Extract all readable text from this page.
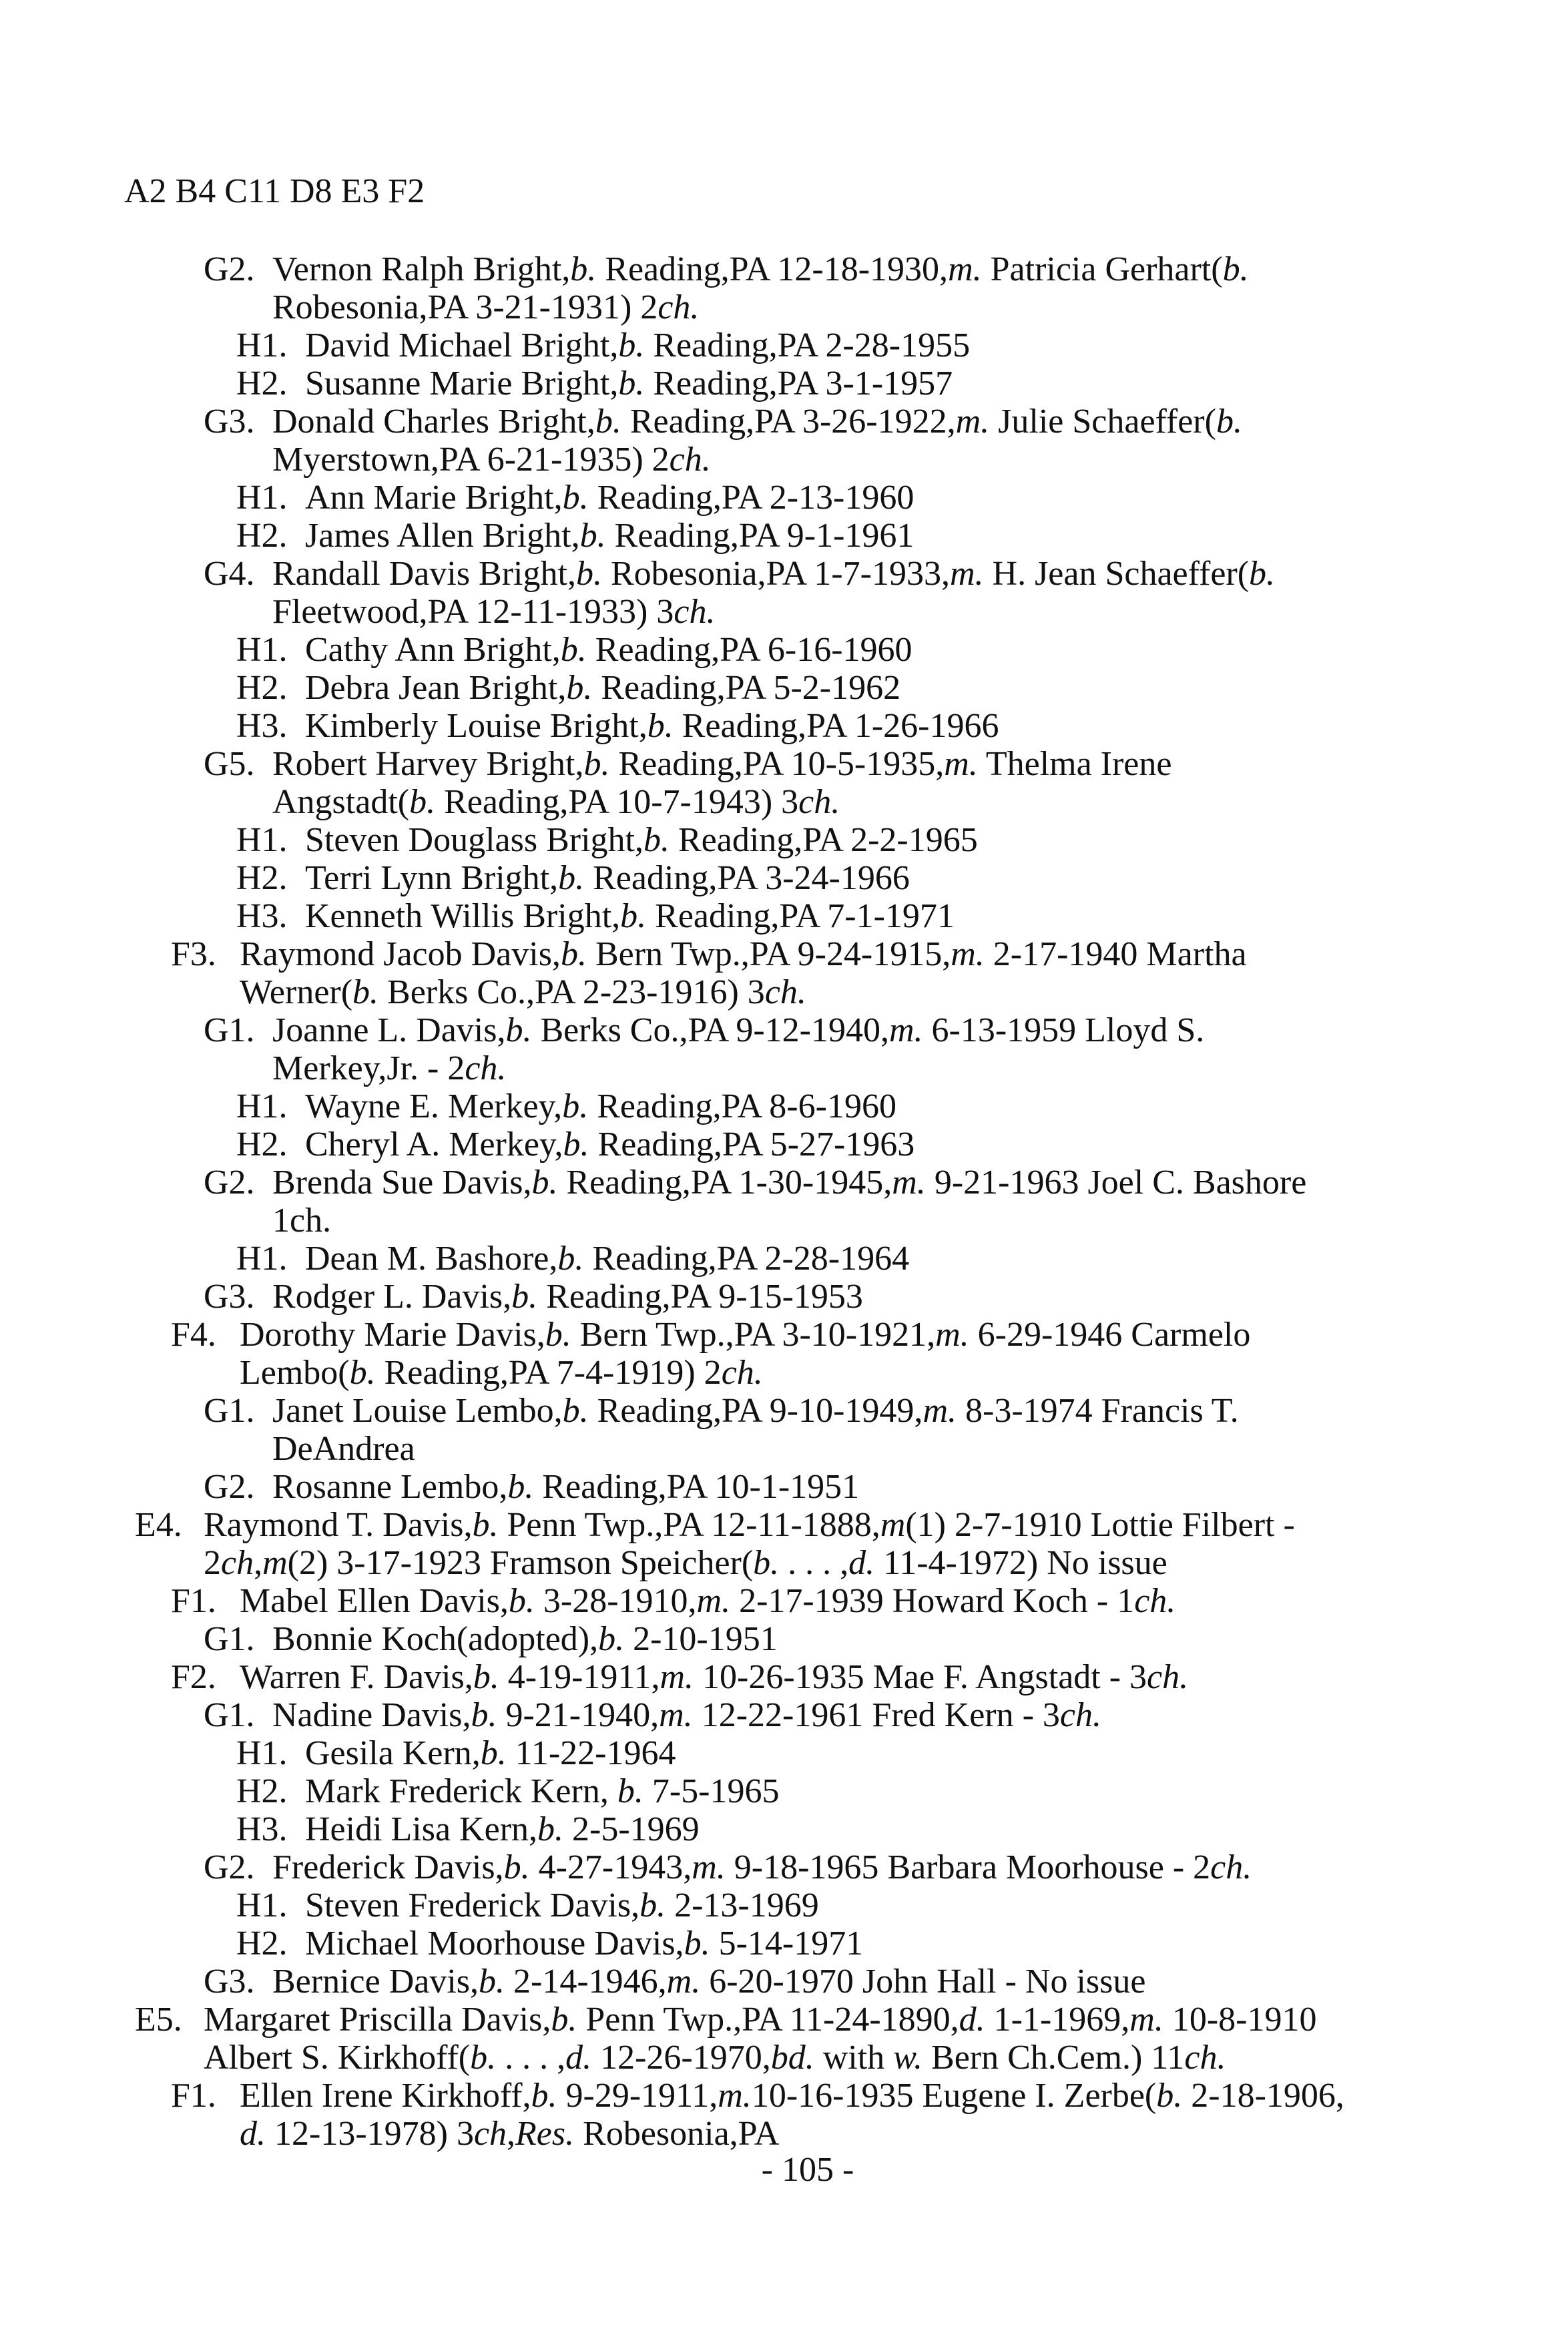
A2 B4 C11 D8 E3 F2
G2. Vernon Ralph Bright,b. Reading,PA 12-18-1930,m. Patricia Gerhart(b.
Robesonia,PA 3-21-1931) 2ch.
H1. David Michael Bright,b. Reading,PA 2-28-1955
H2. Susanne Marie Bright,b. Reading,PA 3-1-1957
G3. Donald Charles Bright,b. Reading,PA 3-26-1922,m. Julie Schaeffer(b.
Myerstown,PA 6-21-1935) 2ch.
H1. Ann Marie Bright,b. Reading,PA 2-13-1960
H2. James Allen Bright,b. Reading,PA 9-1-1961
G4. Randall Davis Bright,b. Robesonia,PA 1-7-1933,m. H. Jean Schaeffer(b.
Fleetwood,PA 12-11-1933) 3ch.
H1. Cathy Ann Bright,b. Reading,PA 6-16-1960
H2. Debra Jean Bright,b. Reading,PA 5-2-1962
H3. Kimberly Louise Bright,b. Reading,PA 1-26-1966
G5. Robert Harvey Bright,b. Reading,PA 10-5-1935,m. Thelma Irene
Angstadt(b. Reading,PA 10-7-1943) 3ch.
H1. Steven Douglass Bright,b. Reading,PA 2-2-1965
H2. Terri Lynn Bright,b. Reading,PA 3-24-1966
H3. Kenneth Willis Bright,b. Reading,PA 7-1-1971
F3. Raymond Jacob Davis,b. Bern Twp.,PA 9-24-1915,m. 2-17-1940 Martha
Werner(b. Berks Co.,PA 2-23-1916) 3ch.
G1. Joanne L. Davis,b. Berks Co.,PA 9-12-1940,m. 6-13-1959 Lloyd S.
Merkey,Jr. - 2ch.
H1. Wayne E. Merkey,b. Reading,PA 8-6-1960
H2. Cheryl A. Merkey,b. Reading,PA 5-27-1963
G2. Brenda Sue Davis,b. Reading,PA 1-30-1945,m. 9-21-1963 Joel C. Bashore
1ch.
H1. Dean M. Bashore,b. Reading,PA 2-28-1964
G3. Rodger L. Davis,b. Reading,PA 9-15-1953
F4. Dorothy Marie Davis,b. Bern Twp.,PA 3-10-1921,m. 6-29-1946 Carmelo
Lembo(b. Reading,PA 7-4-1919) 2ch.
G1. Janet Louise Lembo,b. Reading,PA 9-10-1949,m. 8-3-1974 Francis T.
DeAndrea
G2. Rosanne Lembo,b. Reading,PA 10-1-1951
E4. Raymond T. Davis,b. Penn Twp.,PA 12-11-1888,m(1) 2-7-1910 Lottie Filbert -
2ch,m(2) 3-17-1923 Framson Speicher(b. . . . ,d. 11-4-1972) No issue
F1. Mabel Ellen Davis,b. 3-28-1910,m. 2-17-1939 Howard Koch - 1ch.
G1. Bonnie Koch(adopted),b. 2-10-1951
F2. Warren F. Davis,b. 4-19-1911,m. 10-26-1935 Mae F. Angstadt - 3ch.
G1. Nadine Davis,b. 9-21-1940,m. 12-22-1961 Fred Kern - 3ch.
H1. Gesila Kern,b. 11-22-1964
H2. Mark Frederick Kern, b. 7-5-1965
H3. Heidi Lisa Kern,b. 2-5-1969
G2. Frederick Davis,b. 4-27-1943,m. 9-18-1965 Barbara Moorhouse - 2ch.
H1. Steven Frederick Davis,b. 2-13-1969
H2. Michael Moorhouse Davis,b. 5-14-1971
G3. Bernice Davis,b. 2-14-1946,m. 6-20-1970 John Hall - No issue
E5. Margaret Priscilla Davis,b. Penn Twp.,PA 11-24-1890,d. 1-1-1969,m. 10-8-1910
Albert S. Kirkhoff(b. . . . ,d. 12-26-1970,bd. with w. Bern Ch.Cem.) 11ch.
F1. Ellen Irene Kirkhoff,b. 9-29-1911,m.10-16-1935 Eugene I. Zerbe(b. 2-18-1906,
d. 12-13-1978) 3ch,Res. Robesonia,PA
- 105 -
